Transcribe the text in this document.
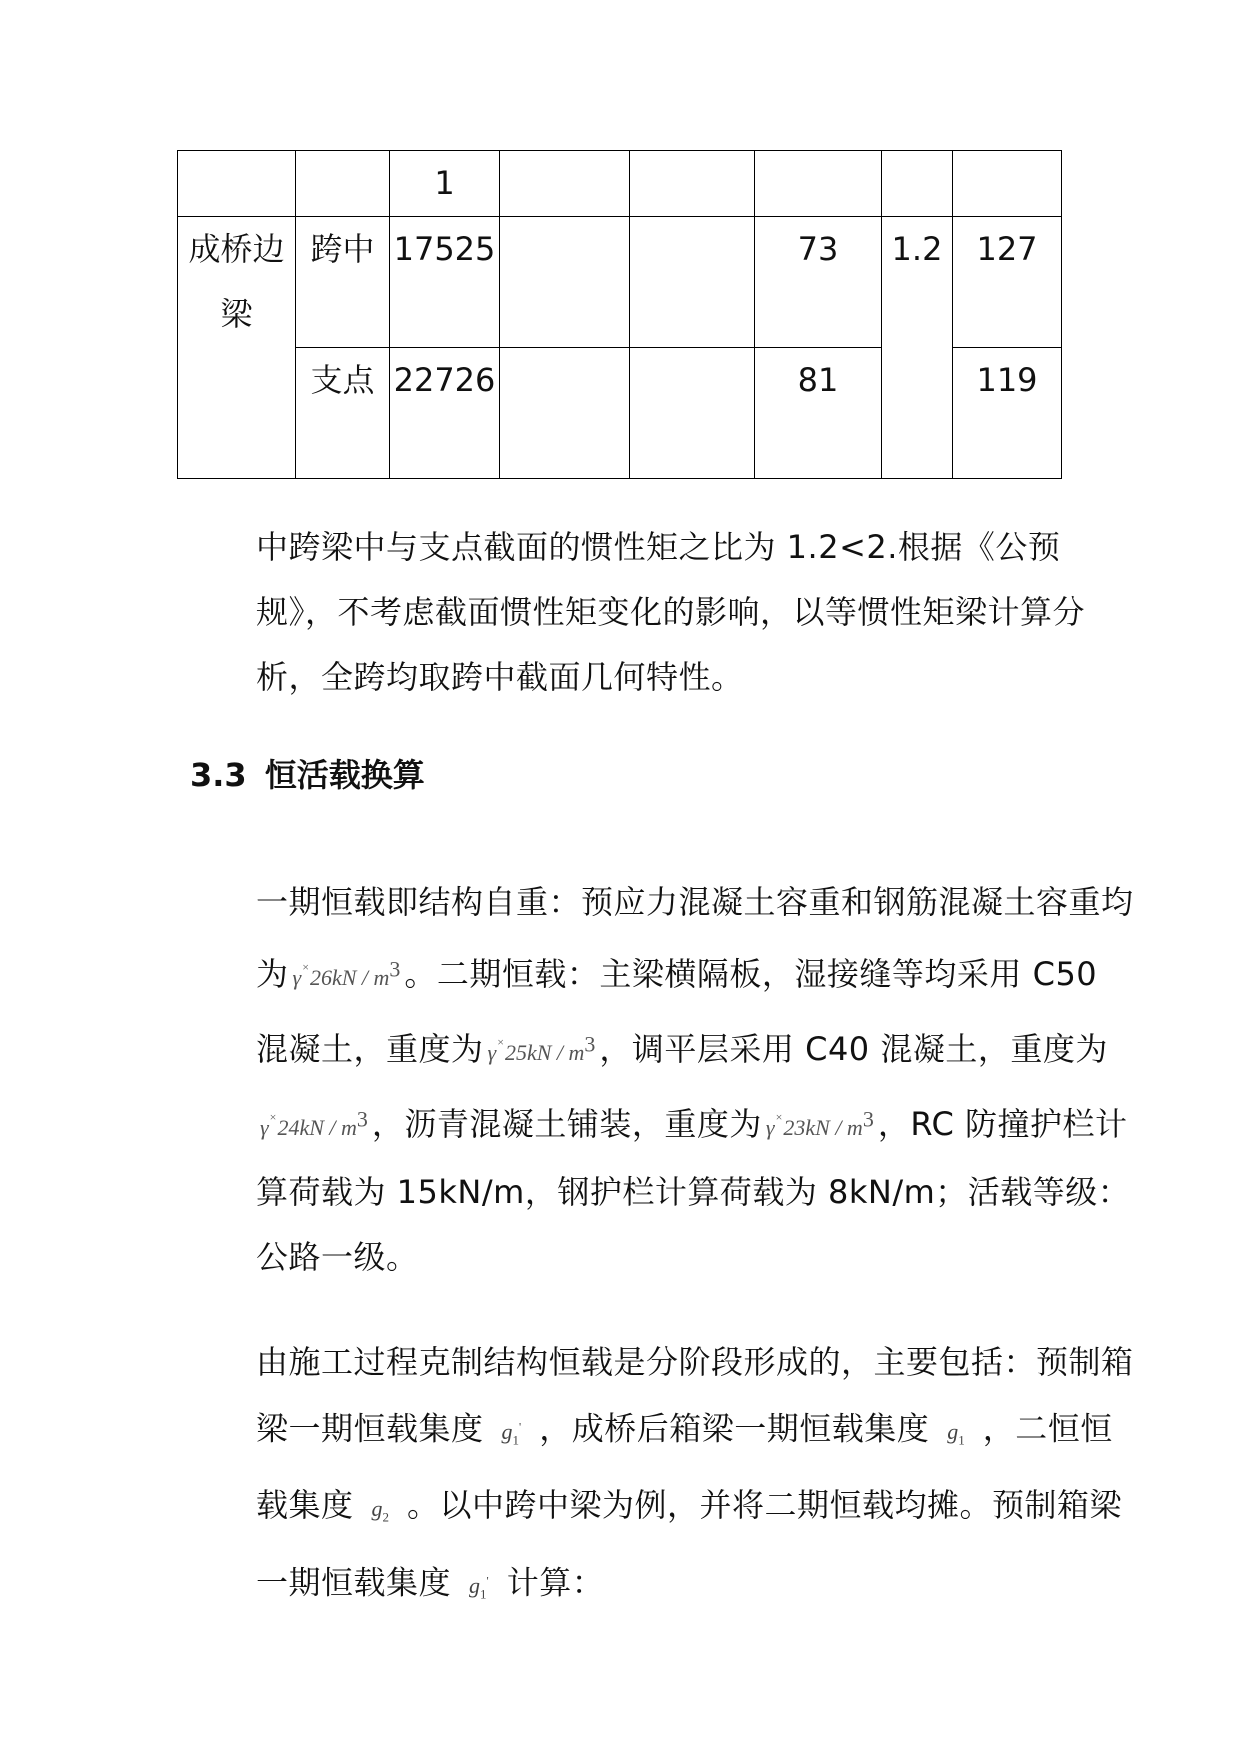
		1					
成桥边梁	跨中	17525			73	1.2	127
	支点	22726			81		119

中跨梁中与支点截面的惯性矩之比为 1.2<2.根据《公预规》，不考虑截面惯性矩变化的影响，以等惯性矩梁计算分析，全跨均取跨中截面几何特性。

3.3 恒活载换算

一期恒载即结构自重：预应力混凝土容重和钢筋混凝土容重均为 $\gamma^\times 26kN / m^3$ 。二期恒载：主梁横隔板，湿接缝等均采用 C50 混凝土，重度为 $\gamma^\times 25kN / m^3$ ，调平层采用 C40 混凝土，重度为$\gamma^\times 24kN / m^3$ ，沥青混凝土铺装，重度为 $\gamma^\times 23kN / m^3$ ，RC 防撞护栏计算荷载为 15kN/m，钢护栏计算荷载为 8kN/m；活载等级：公路一级。

由施工过程克制结构恒载是分阶段形成的，主要包括：预制箱梁一期恒载集度 $g_1'$ ，成桥后箱梁一期恒载集度 $g_1$ ，二恒恒载集度 $g_2$ 。以中跨中梁为例，并将二期恒载均摊。预制箱梁一期恒载集度 $g_1'$ 计算：
